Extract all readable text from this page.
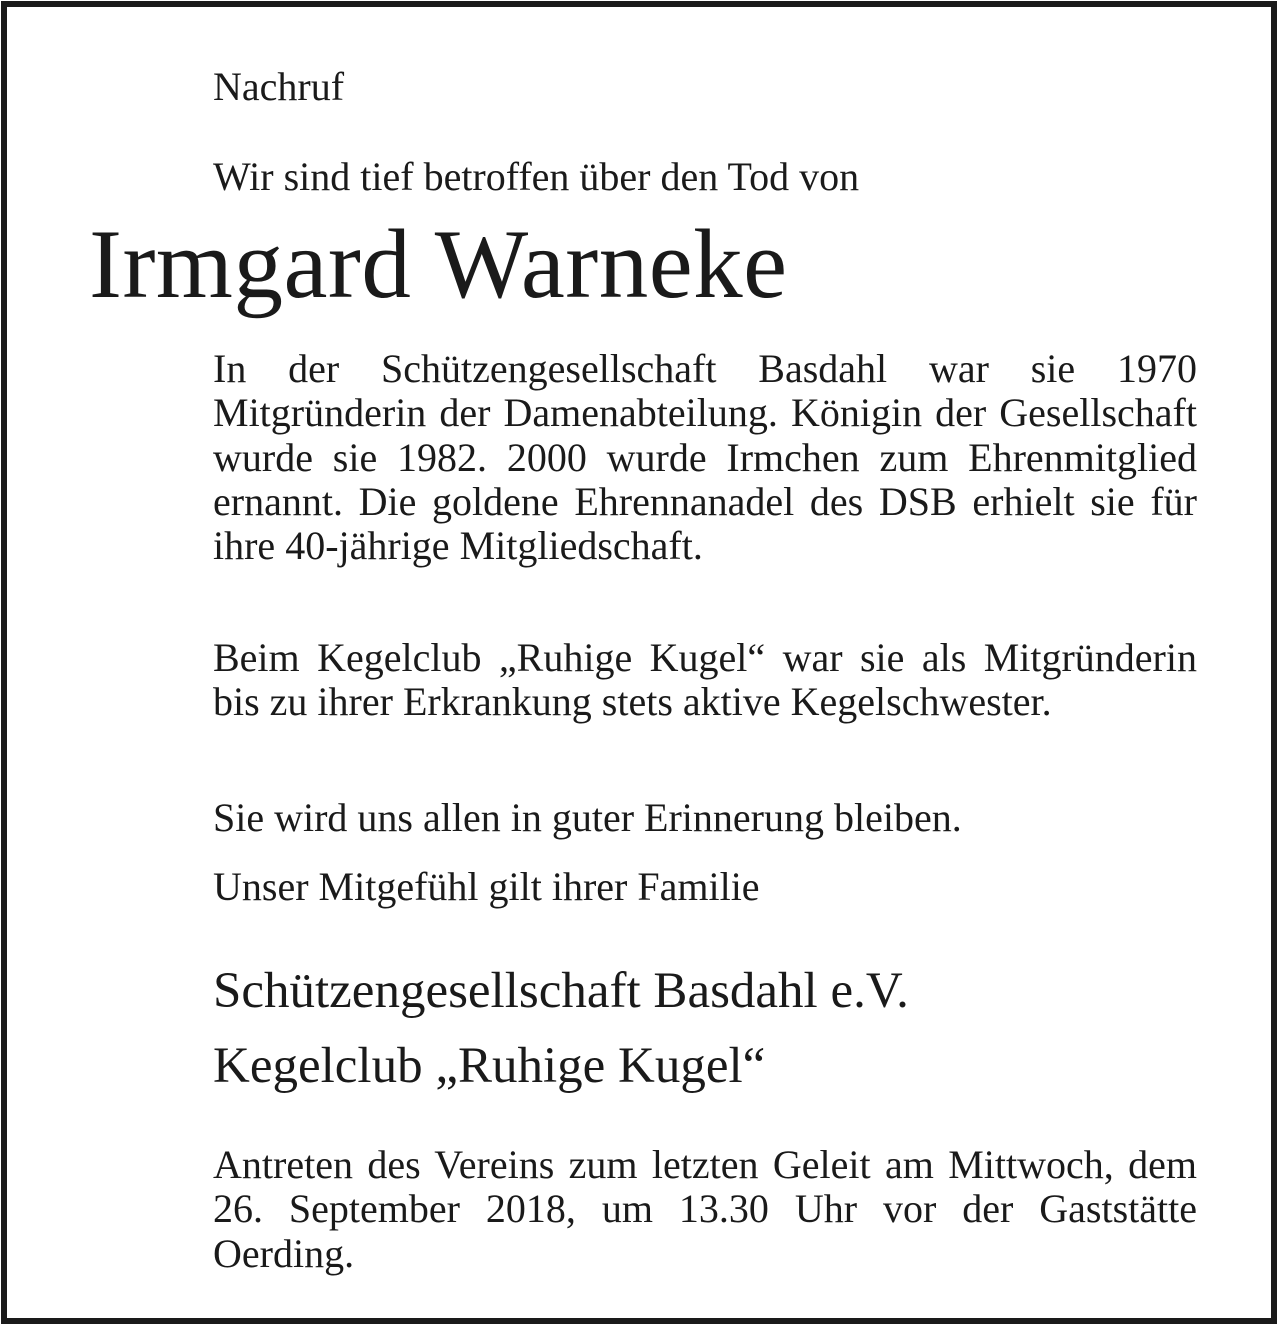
Nachruf

Wir sind tief betroffen über den Tod von

Irmgard Warneke

In der Schützengesellschaft Basdahl war sie 1970 Mitgründerin der Damenabteilung. Königin der Gesellschaft wurde sie 1982. 2000 wurde Irmchen zum Ehrenmitglied ernannt. Die goldene Ehrennanadel des DSB erhielt sie für ihre 40-jährige Mitgliedschaft.

Beim Kegelclub „Ruhige Kugel“ war sie als Mitgründerin bis zu ihrer Erkrankung stets aktive Kegelschwester.

Sie wird uns allen in guter Erinnerung bleiben.

Unser Mitgefühl gilt ihrer Familie

Schützengesellschaft Basdahl e.V.

Kegelclub „Ruhige Kugel“

Antreten des Vereins zum letzten Geleit am Mittwoch, dem 26. September 2018, um 13.30 Uhr vor der Gaststätte Oerding.
